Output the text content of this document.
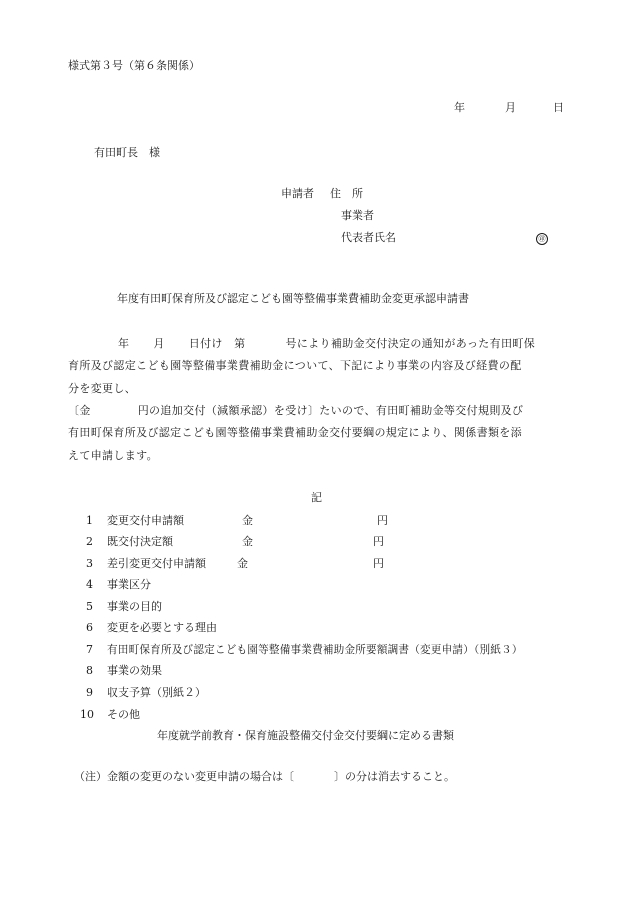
様式第３号（第６条関係）
年	月	日
有田町長　様
申請者 住　所
事業者
代表者氏名	㊞
年度有田町保育所及び認定こども園等整備事業費補助金変更承認申請書
年 月 日付け　第	号により補助金交付決定の通知があった有田町保
育所及び認定こども園等整備事業費補助金について、下記により事業の内容及び経費の配
分を変更し、
〔金	円の追加交付（減額承認）を受け〕たいので、有田町補助金等交付規則及び
有田町保育所及び認定こども園等整備事業費補助金交付要綱の規定により、関係書類を添
えて申請します。
記
1 変更交付申請額	金	円
2 既交付決定額	金	円
3 差引変更交付申請額	金	円
4 事業区分
5 事業の目的
6 変更を必要とする理由
7 有田町保育所及び認定こども園等整備事業費補助金所要額調書（変更申請）（別紙３）
8 事業の効果
9 収支予算（別紙２）
10 その他
年度就学前教育・保育施設整備交付金交付要綱に定める書類
（注）金額の変更のない変更申請の場合は〔	〕の分は消去すること。
